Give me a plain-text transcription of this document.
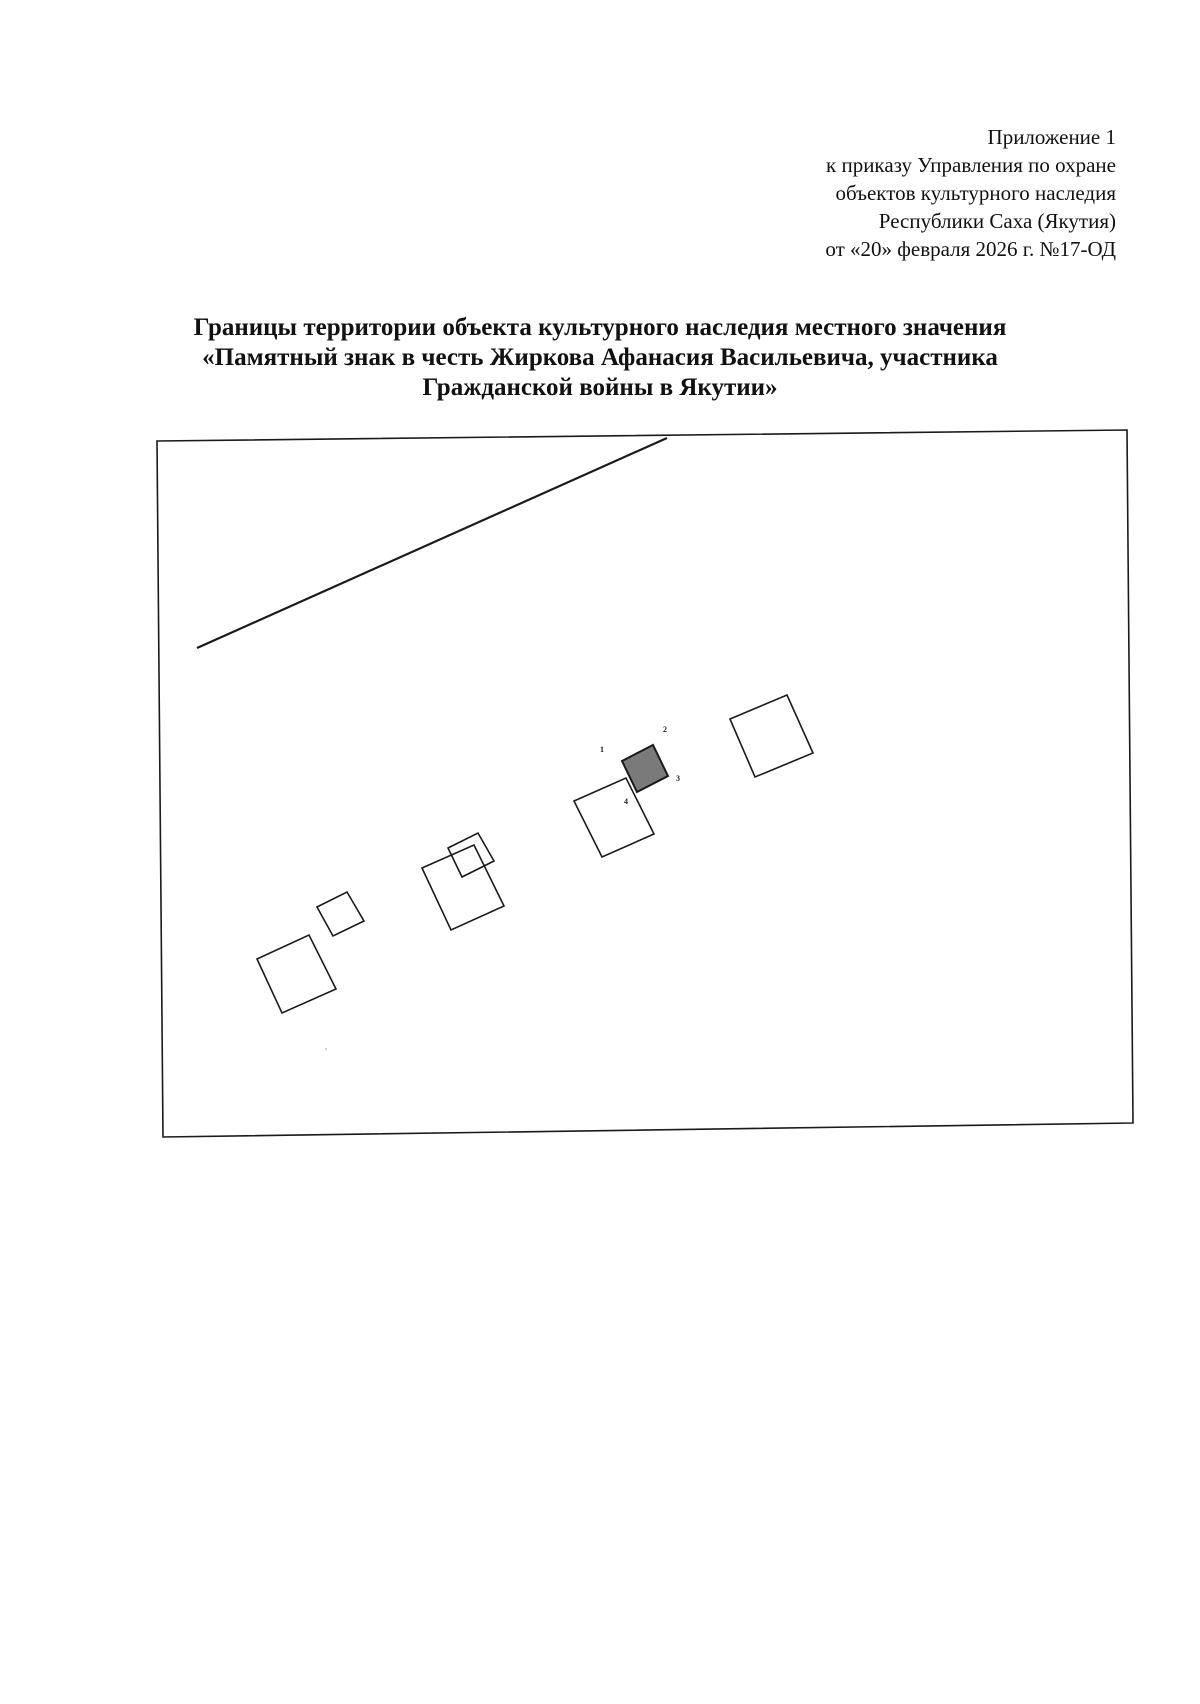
Приложение 1
к приказу Управления по охране
объектов культурного наследия
Республики Саха (Якутия)
от «20» февраля 2026 г. №17-ОД
Границы территории объекта культурного наследия местного значения
«Памятный знак в честь Жиркова Афанасия Васильевича, участника
Гражданской войны в Якутии»
1
2
3
4
